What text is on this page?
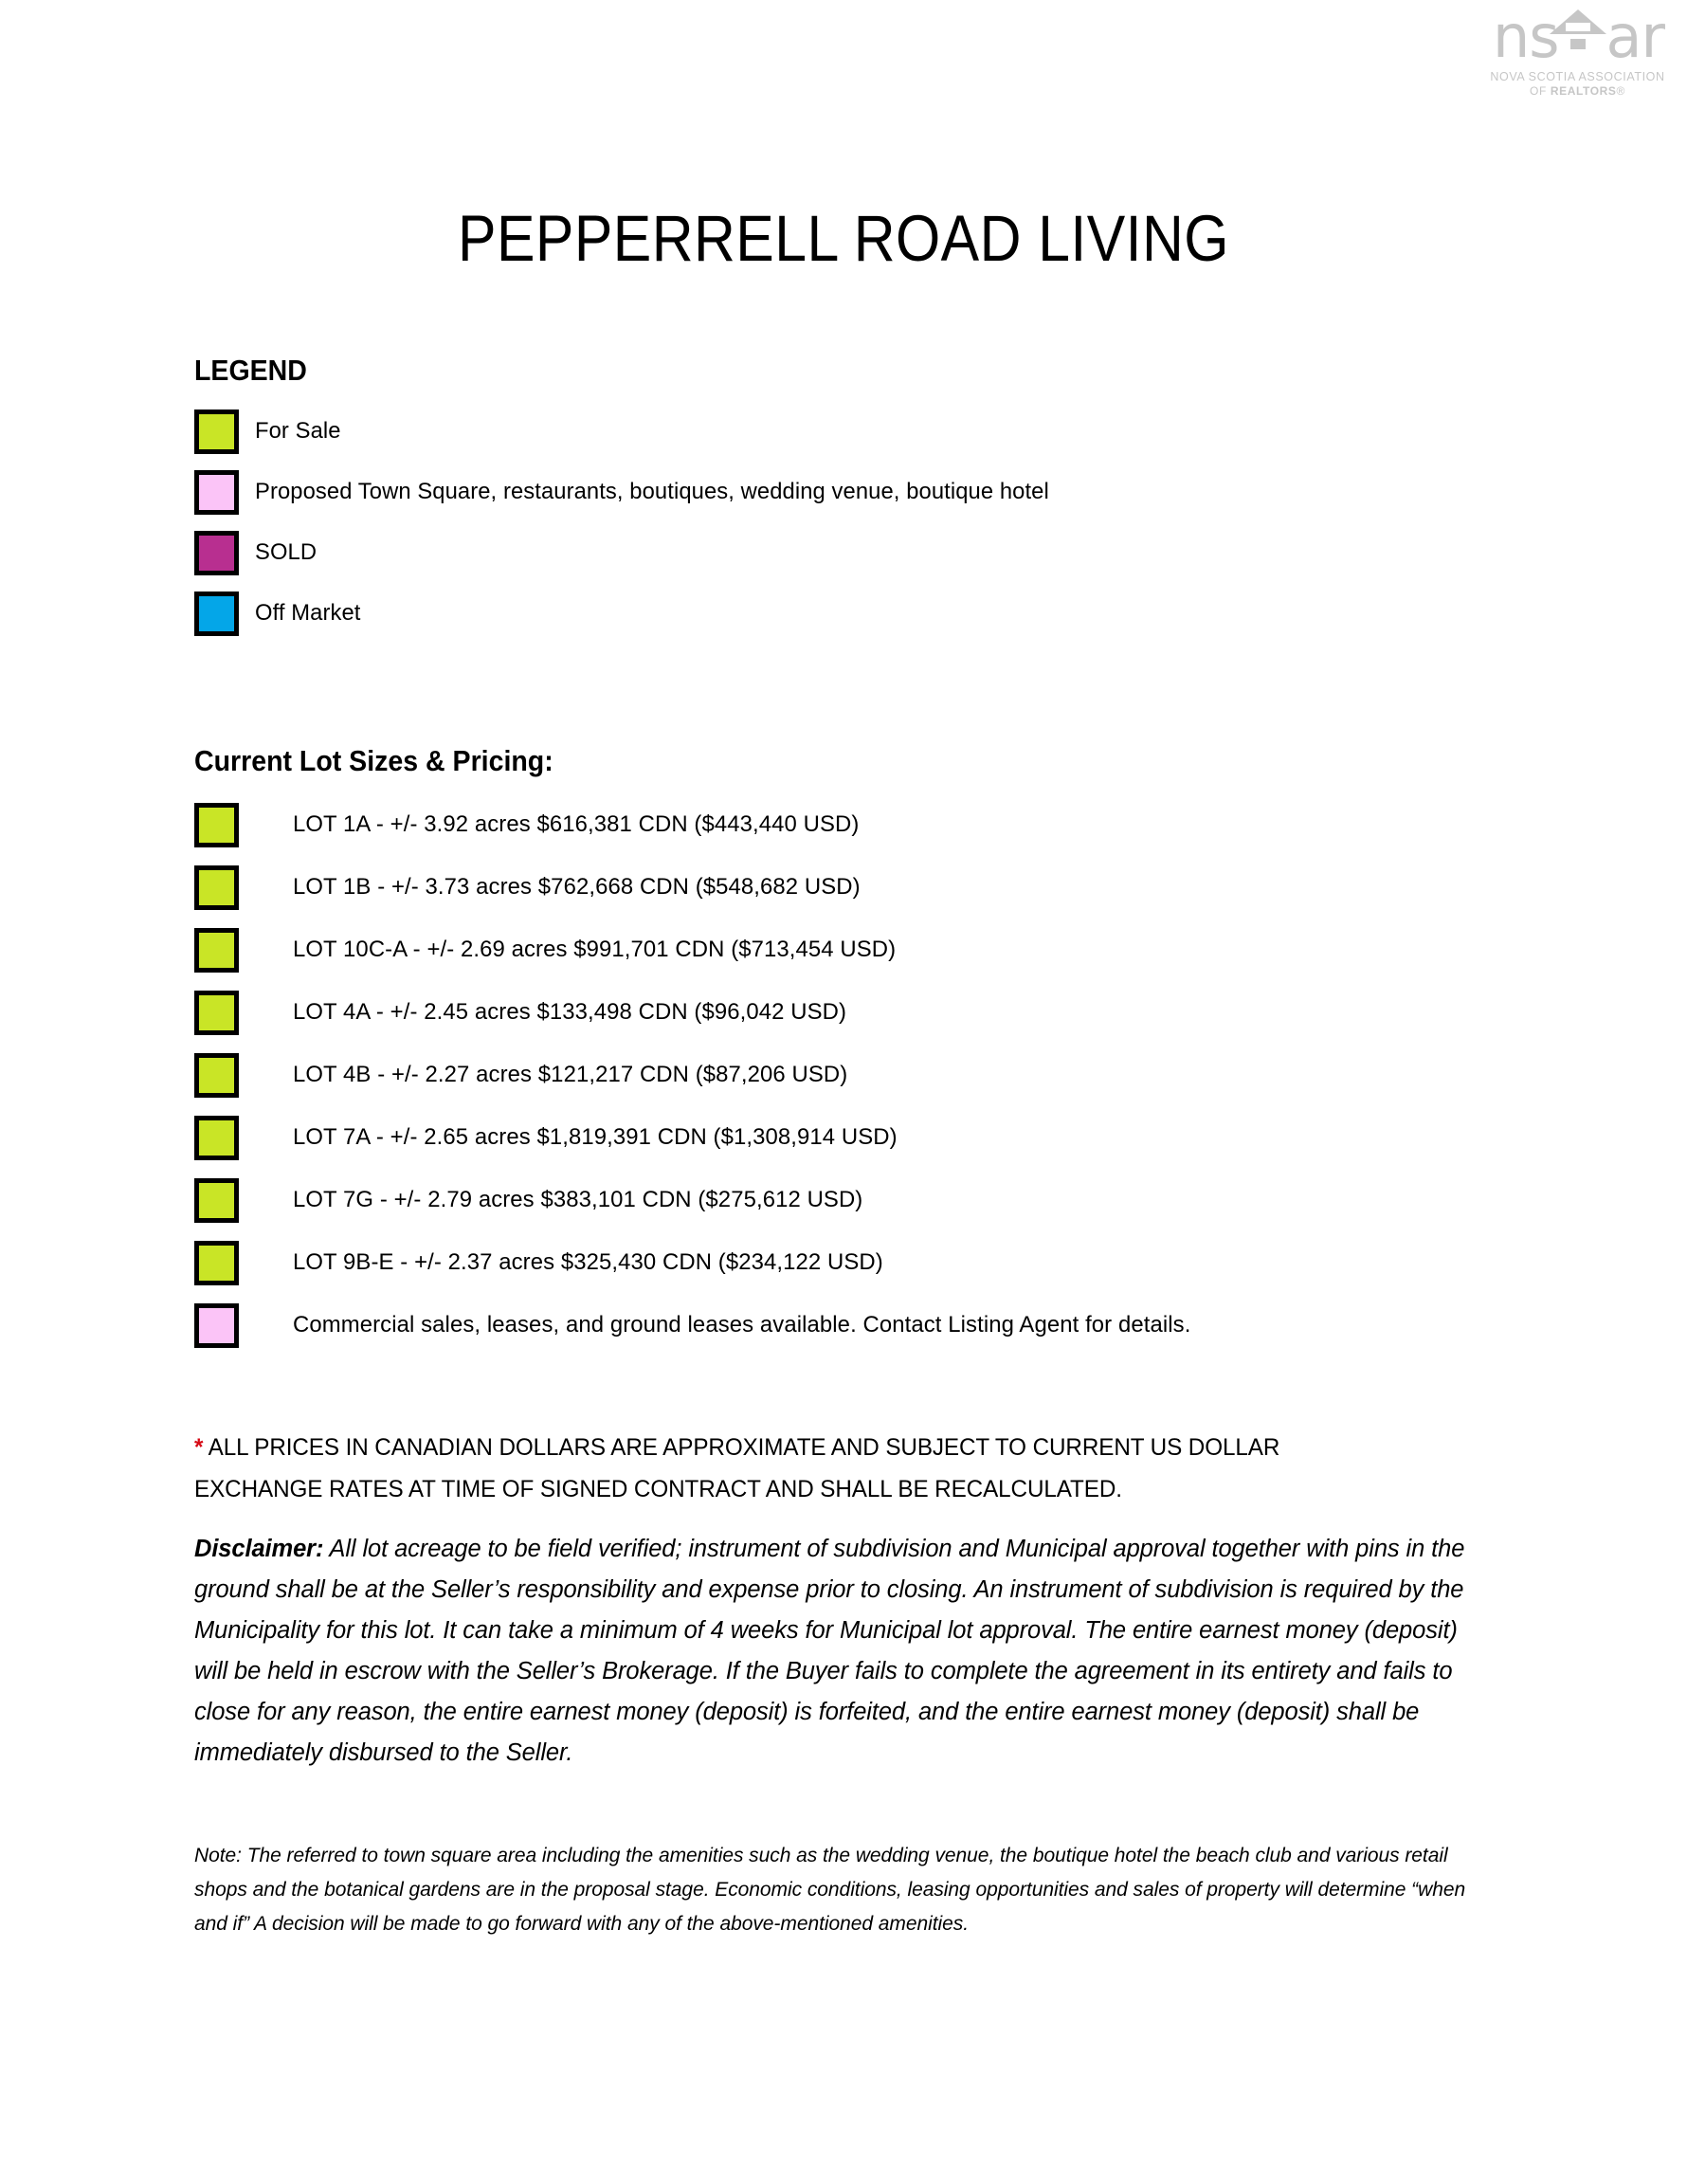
ns ar
NOVA SCOTIA ASSOCIATION
OF REALTORS®
PEPPERRELL ROAD LIVING
LEGEND
For Sale
Proposed Town Square, restaurants, boutiques, wedding venue, boutique hotel
SOLD
Off Market
Current Lot Sizes & Pricing:
LOT 1A - +/- 3.92 acres $616,381 CDN ($443,440 USD)
LOT 1B - +/- 3.73 acres $762,668 CDN ($548,682 USD)
LOT 10C-A - +/- 2.69 acres $991,701 CDN ($713,454 USD)
LOT 4A - +/- 2.45 acres $133,498 CDN ($96,042 USD)
LOT 4B - +/- 2.27 acres $121,217 CDN ($87,206 USD)
LOT 7A - +/- 2.65 acres $1,819,391 CDN ($1,308,914 USD)
LOT 7G - +/- 2.79 acres $383,101 CDN ($275,612 USD)
LOT 9B-E - +/- 2.37 acres $325,430 CDN ($234,122 USD)
Commercial sales, leases, and ground leases available. Contact Listing Agent for details.
* ALL PRICES IN CANADIAN DOLLARS ARE APPROXIMATE AND SUBJECT TO CURRENT US DOLLAR EXCHANGE RATES AT TIME OF SIGNED CONTRACT AND SHALL BE RECALCULATED.
Disclaimer: All lot acreage to be field verified; instrument of subdivision and Municipal approval together with pins in the ground shall be at the Seller’s responsibility and expense prior to closing. An instrument of subdivision is required by the Municipality for this lot. It can take a minimum of 4 weeks for Municipal lot approval. The entire earnest money (deposit) will be held in escrow with the Seller’s Brokerage. If the Buyer fails to complete the agreement in its entirety and fails to close for any reason, the entire earnest money (deposit) is forfeited, and the entire earnest money (deposit) shall be immediately disbursed to the Seller.
Note: The referred to town square area including the amenities such as the wedding venue, the boutique hotel the beach club and various retail shops and the botanical gardens are in the proposal stage. Economic conditions, leasing opportunities and sales of property will determine “when and if” A decision will be made to go forward with any of the above-mentioned amenities.
